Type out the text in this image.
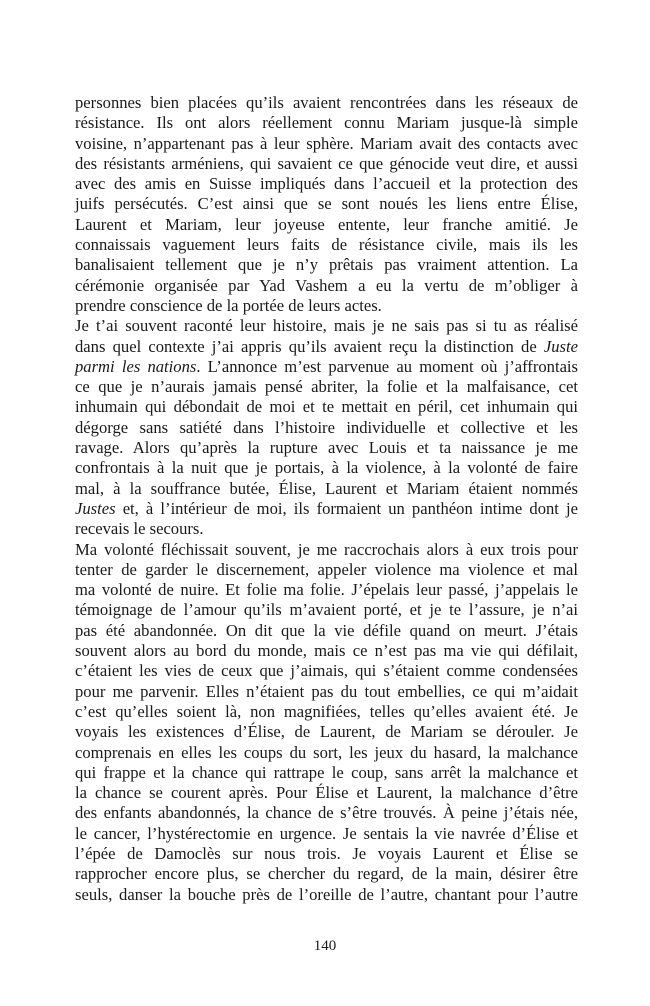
personnes bien placées qu’ils avaient rencontrées dans les réseaux de
résistance. Ils ont alors réellement connu Mariam jusque-là simple
voisine, n’appartenant pas à leur sphère. Mariam avait des contacts avec
des résistants arméniens, qui savaient ce que génocide veut dire, et aussi
avec des amis en Suisse impliqués dans l’accueil et la protection des
juifs persécutés. C’est ainsi que se sont noués les liens entre Élise,
Laurent et Mariam, leur joyeuse entente, leur franche amitié. Je
connaissais vaguement leurs faits de résistance civile, mais ils les
banalisaient tellement que je n’y prêtais pas vraiment attention. La
cérémonie organisée par Yad Vashem a eu la vertu de m’obliger à
prendre conscience de la portée de leurs actes.
Je t’ai souvent raconté leur histoire, mais je ne sais pas si tu as réalisé
dans quel contexte j’ai appris qu’ils avaient reçu la distinction de Juste
parmi les nations. L’annonce m’est parvenue au moment où j’affrontais
ce que je n’aurais jamais pensé abriter, la folie et la malfaisance, cet
inhumain qui débondait de moi et te mettait en péril, cet inhumain qui
dégorge sans satiété dans l’histoire individuelle et collective et les
ravage. Alors qu’après la rupture avec Louis et ta naissance je me
confrontais à la nuit que je portais, à la violence, à la volonté de faire
mal, à la souffrance butée, Élise, Laurent et Mariam étaient nommés
Justes et, à l’intérieur de moi, ils formaient un panthéon intime dont je
recevais le secours.
Ma volonté fléchissait souvent, je me raccrochais alors à eux trois pour
tenter de garder le discernement, appeler violence ma violence et mal
ma volonté de nuire. Et folie ma folie. J’épelais leur passé, j’appelais le
témoignage de l’amour qu’ils m’avaient porté, et je te l’assure, je n’ai
pas été abandonnée. On dit que la vie défile quand on meurt. J’étais
souvent alors au bord du monde, mais ce n’est pas ma vie qui défilait,
c’étaient les vies de ceux que j’aimais, qui s’étaient comme condensées
pour me parvenir. Elles n’étaient pas du tout embellies, ce qui m’aidait
c’est qu’elles soient là, non magnifiées, telles qu’elles avaient été. Je
voyais les existences d’Élise, de Laurent, de Mariam se dérouler. Je
comprenais en elles les coups du sort, les jeux du hasard, la malchance
qui frappe et la chance qui rattrape le coup, sans arrêt la malchance et
la chance se courent après. Pour Élise et Laurent, la malchance d’être
des enfants abandonnés, la chance de s’être trouvés. À peine j’étais née,
le cancer, l’hystérectomie en urgence. Je sentais la vie navrée d’Élise et
l’épée de Damoclès sur nous trois. Je voyais Laurent et Élise se
rapprocher encore plus, se chercher du regard, de la main, désirer être
seuls, danser la bouche près de l’oreille de l’autre, chantant pour l’autre
140
